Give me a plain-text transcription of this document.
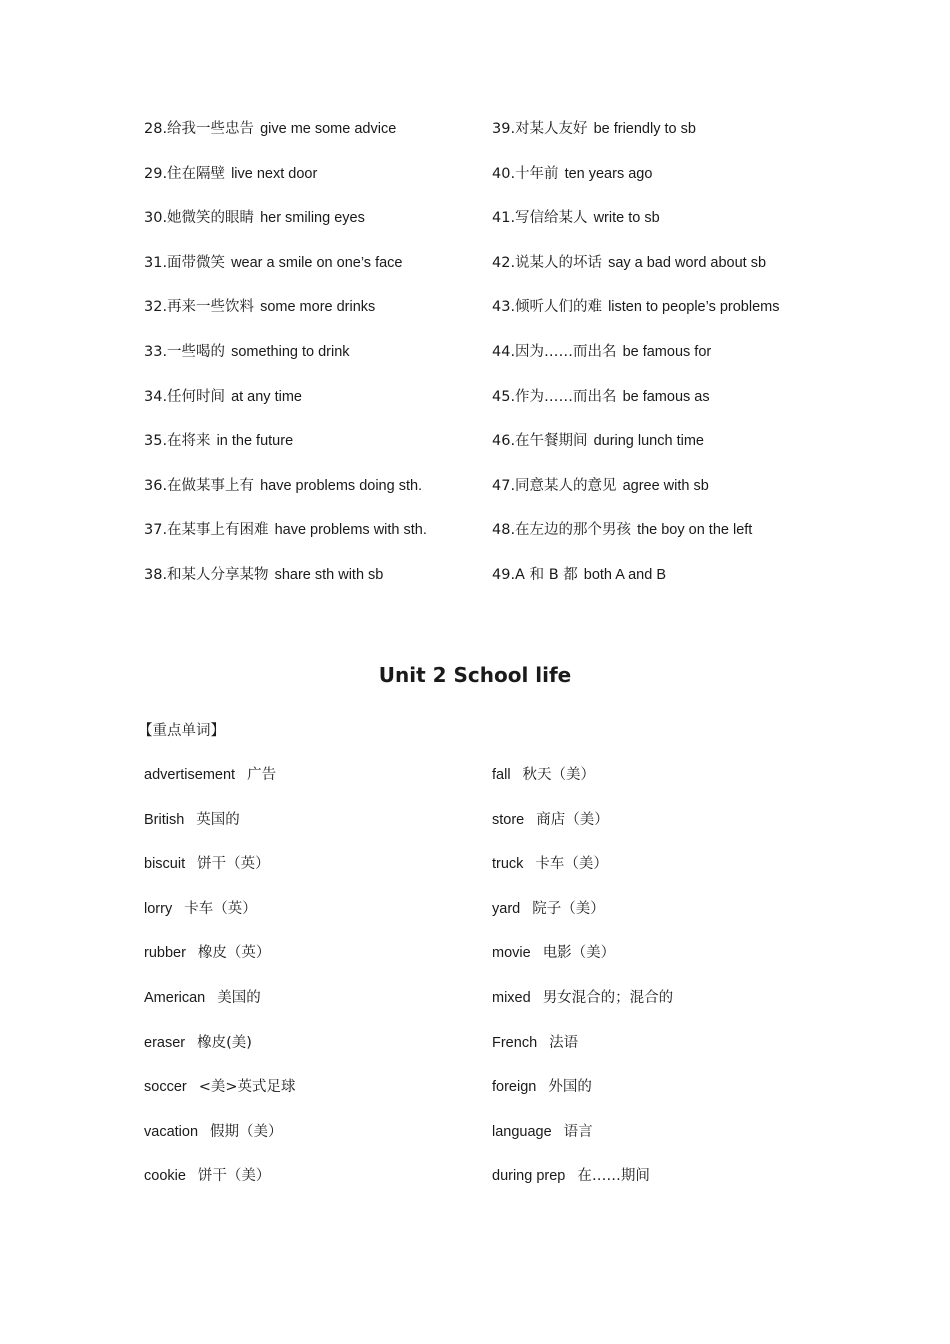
28.给我一些忠告 give me some advice	39.对某人友好 be friendly to sb
29.住在隔壁 live next door	40.十年前 ten years ago
30.她微笑的眼睛 her smiling eyes	41.写信给某人 write to sb
31.面带微笑 wear a smile on one’s face	42.说某人的坏话 say a bad word about sb
32.再来一些饮料 some more drinks	43.倾听人们的难 listen to people’s problems
33.一些喝的 something to drink	44.因为……而出名 be famous for
34.任何时间 at any time	45.作为……而出名 be famous as
35.在将来 in the future	46.在午餐期间 during lunch time
36.在做某事上有 have problems doing sth.	47.同意某人的意见 agree with sb
37.在某事上有困难 have problems with sth.	48.在左边的那个男孩 the boy on the left
38.和某人分享某物 share sth with sb	49.A 和 B 都 both A and B
Unit 2 School life
【重点单词】
advertisement 广告	fall 秋天（美）
British 英国的	store 商店（美）
biscuit 饼干（英）	truck 卡车（美）
lorry 卡车（英）	yard 院子（美）
rubber 橡皮（英）	movie 电影（美）
American 美国的	mixed 男女混合的；混合的
eraser 橡皮(美)	French 法语
soccer <美>英式足球	foreign 外国的
vacation 假期（美）	language 语言
cookie 饼干（美）	during prep 在……期间
